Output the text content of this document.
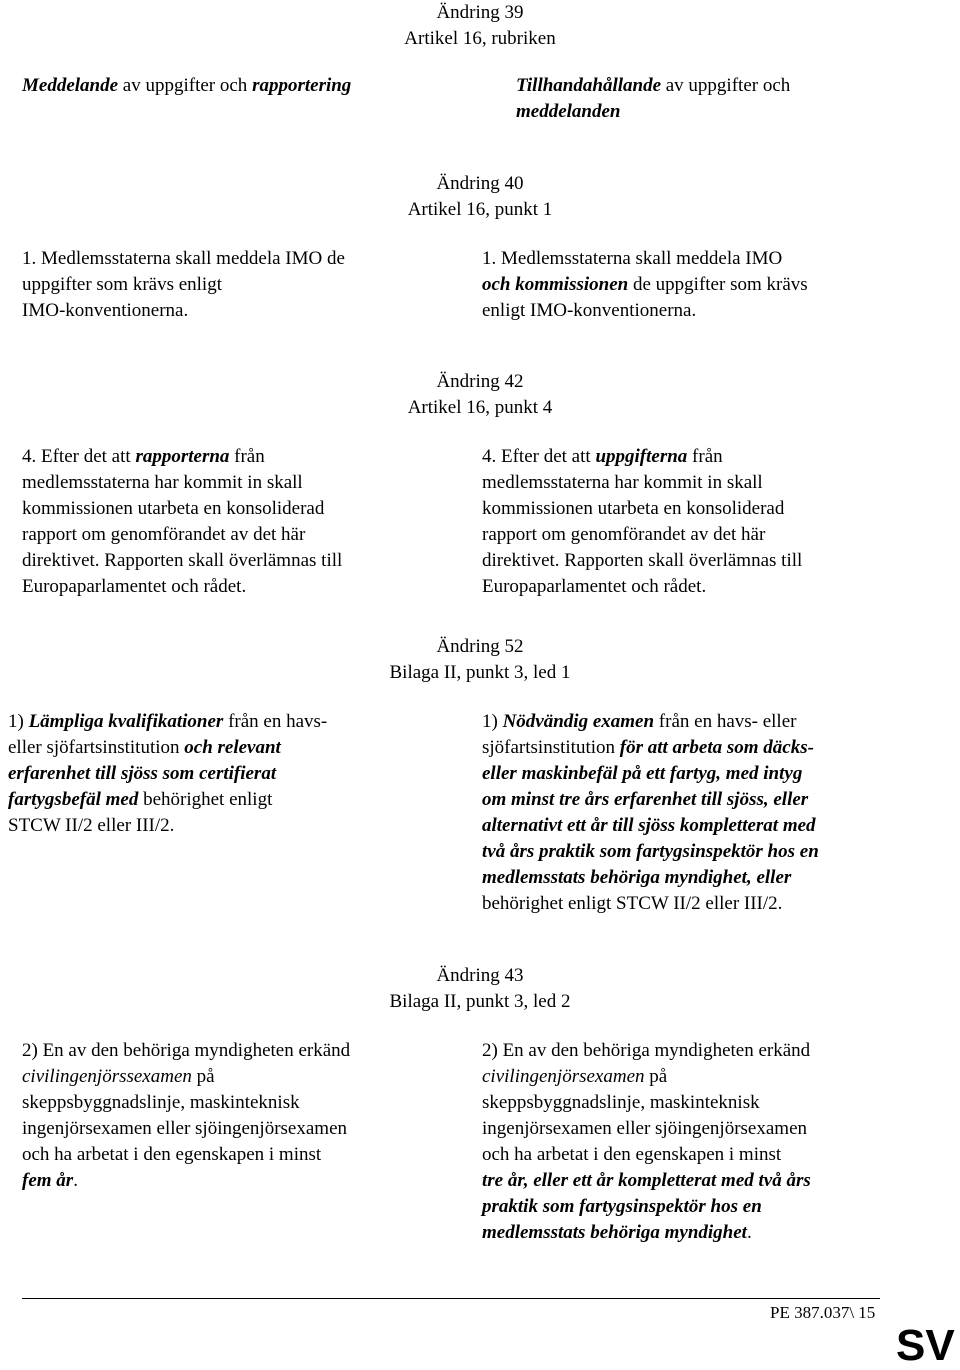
Ändring 39
Artikel 16, rubriken
Meddelande av uppgifter och rapportering	Tillhandahållande av uppgifter och
meddelanden
Ändring 40
Artikel 16, punkt 1
1. Medlemsstaterna skall meddela IMO de
uppgifter som krävs enligt
IMO-konventionerna.
1. Medlemsstaterna skall meddela IMO
och kommissionen de uppgifter som krävs
enligt IMO-konventionerna.
Ändring 42
Artikel 16, punkt 4
4. Efter det att rapporterna från
medlemsstaterna har kommit in skall
kommissionen utarbeta en konsoliderad
rapport om genomförandet av det här
direktivet. Rapporten skall överlämnas till
Europaparlamentet och rådet.
4. Efter det att uppgifterna från
medlemsstaterna har kommit in skall
kommissionen utarbeta en konsoliderad
rapport om genomförandet av det här
direktivet. Rapporten skall överlämnas till
Europaparlamentet och rådet.
Ändring 52
Bilaga II, punkt 3, led 1
1) Lämpliga kvalifikationer från en havs-
eller sjöfartsinstitution och relevant
erfarenhet till sjöss som certifierat
fartygsbefäl med behörighet enligt
STCW II/2 eller III/2.
1) Nödvändig examen från en havs- eller
sjöfartsinstitution för att arbeta som däcks-
eller maskinbefäl på ett fartyg, med intyg
om minst tre års erfarenhet till sjöss, eller
alternativt ett år till sjöss kompletterat med
två års praktik som fartygsinspektör hos en
medlemsstats behöriga myndighet, eller
behörighet enligt STCW II/2 eller III/2.
Ändring 43
Bilaga II, punkt 3, led 2
2) En av den behöriga myndigheten erkänd
civilingenjörssexamen på
skeppsbyggnadslinje, maskinteknisk
ingenjörsexamen eller sjöingenjörsexamen
och ha arbetat i den egenskapen i minst
fem år.
2) En av den behöriga myndigheten erkänd
civilingenjörsexamen på
skeppsbyggnadslinje, maskinteknisk
ingenjörsexamen eller sjöingenjörsexamen
och ha arbetat i den egenskapen i minst
tre år, eller ett år kompletterat med två års
praktik som fartygsinspektör hos en
medlemsstats behöriga myndighet.
PE 387.037\ 15
SV
